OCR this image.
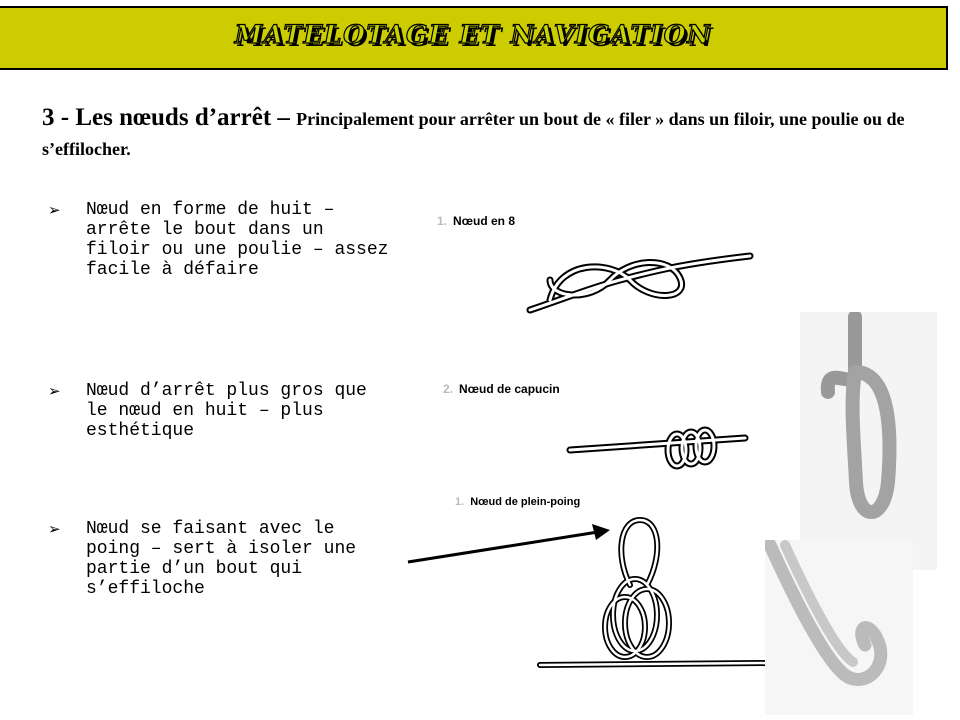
MATELOTAGE ET NAVIGATION
3 - Les nœuds d’arrêt – Principalement pour arrêter un bout de « filer » dans un filoir, une poulie ou de s’effilocher.
➢ Nœud en forme de huit – arrête le bout dans un filoir ou une poulie – assez facile à défaire
➢ Nœud d’arrêt plus gros que le nœud en huit – plus esthétique
➢ Nœud se faisant avec le poing – sert à isoler une partie d’un bout qui s’effiloche
1. Nœud en 8
2. Nœud de capucin
1. Nœud de plein-poing
